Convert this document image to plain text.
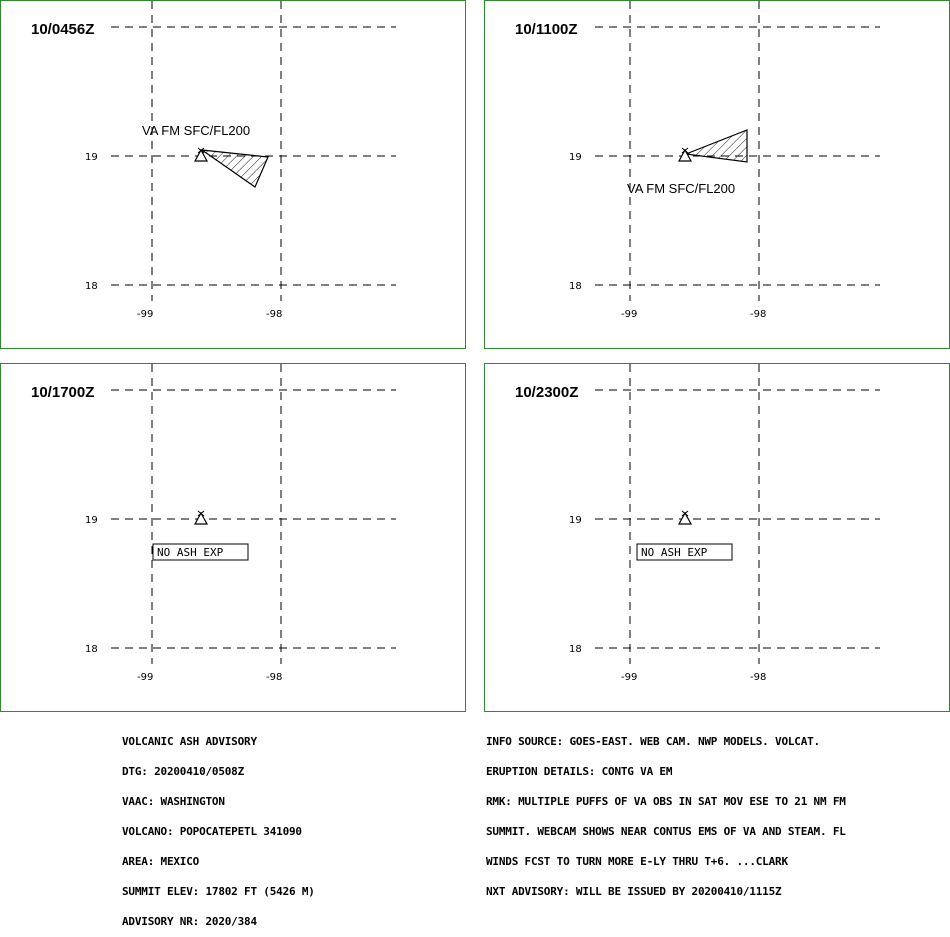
19
18
-99	-98
10/0456Z
VA FM SFC/FL200
19
18
-99	-98
10/1100Z
VA FM SFC/FL200
19
18
-99	-98
10/1700Z
NO ASH EXP
19
18
-99	-98
10/2300Z
NO ASH EXP

VOLCANIC ASH ADVISORY

DTG: 20200410/0508Z

VAAC: WASHINGTON

VOLCANO: POPOCATEPETL 341090

AREA: MEXICO

SUMMIT ELEV: 17802 FT (5426 M)

ADVISORY NR: 2020/384

INFO SOURCE: GOES-EAST. WEB CAM. NWP MODELS. VOLCAT.

ERUPTION DETAILS: CONTG VA EM

RMK: MULTIPLE PUFFS OF VA OBS IN SAT MOV ESE TO 21 NM FM

SUMMIT. WEBCAM SHOWS NEAR CONTUS EMS OF VA AND STEAM. FL

WINDS FCST TO TURN MORE E-LY THRU T+6. ...CLARK

NXT ADVISORY: WILL BE ISSUED BY 20200410/1115Z
